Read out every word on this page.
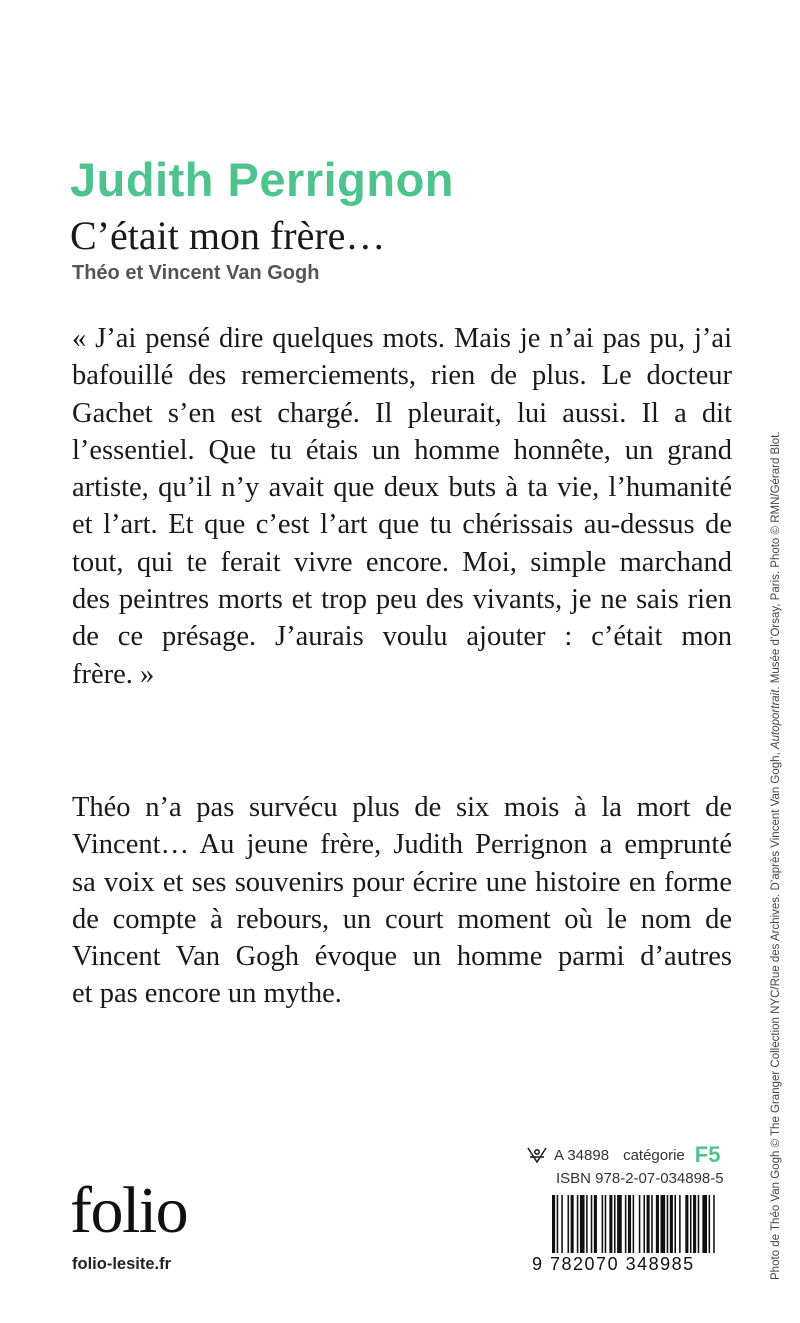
Judith Perrignon
C’était mon frère…
Théo et Vincent Van Gogh
« J’ai pensé dire quelques mots. Mais je n’ai pas pu, j’ai
bafouillé des remerciements, rien de plus. Le docteur
Gachet s’en est chargé. Il pleurait, lui aussi. Il a dit
l’essentiel. Que tu étais un homme honnête, un grand
artiste, qu’il n’y avait que deux buts à ta vie, l’humanité
et l’art. Et que c’est l’art que tu chérissais au-dessus de
tout, qui te ferait vivre encore. Moi, simple marchand
des peintres morts et trop peu des vivants, je ne sais rien
de ce présage. J’aurais voulu ajouter : c’était mon
frère. »
Théo n’a pas survécu plus de six mois à la mort de
Vincent… Au jeune frère, Judith Perrignon a emprunté
sa voix et ses souvenirs pour écrire une histoire en forme
de compte à rebours, un court moment où le nom de
Vincent Van Gogh évoque un homme parmi d’autres
et pas encore un mythe.	Photo de Théo Van Gogh © The Granger Collection NYC/Rue des Archives. D’après Vincent Van Gogh, Autoportrait. Musée d’Orsay, Paris. Photo © RMN/Gérard Blot.
A 34898 catégorie F5
ISBN 978-2-07-034898-5
9 782070 348985
folio
folio-lesite.fr
